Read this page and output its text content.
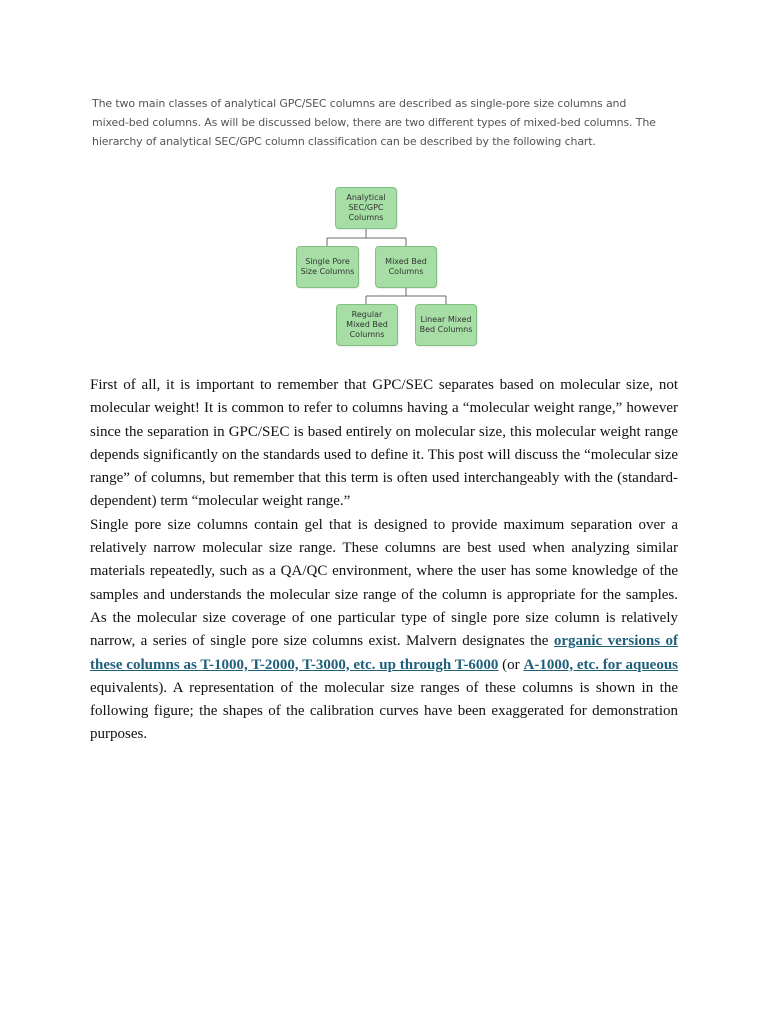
The two main classes of analytical GPC/SEC columns are described as single-pore size columns and
mixed-bed columns. As will be discussed below, there are two different types of mixed-bed columns. The
hierarchy of analytical SEC/GPC column classification can be described by the following chart.
Analytical
SEC/GPC
Columns
Single Pore
Size Columns
Mixed Bed
Columns
Regular
Mixed Bed
Columns
Linear Mixed
Bed Columns

First of all, it is important to remember that GPC/SEC separates based on molecular size, not molecular weight! It is common to refer to columns having a “molecular weight range,” however since the separation in GPC/SEC is based entirely on molecular size, this molecular weight range depends significantly on the standards used to define it. This post will discuss the “molecular size range” of columns, but remember that this term is often used interchangeably with the (standard-dependent) term “molecular weight range.”

Single pore size columns contain gel that is designed to provide maximum separation over a relatively narrow molecular size range. These columns are best used when analyzing similar materials repeatedly, such as a QA/QC environment, where the user has some knowledge of the samples and understands the molecular size range of the column is appropriate for the samples. As the molecular size coverage of one particular type of single pore size column is relatively narrow, a series of single pore size columns exist. Malvern designates the organic versions of these columns as T-1000, T-2000, T-3000, etc. up through T-6000 (or A-1000, etc. for aqueous equivalents). A representation of the molecular size ranges of these columns is shown in the following figure; the shapes of the calibration curves have been exaggerated for demonstration purposes.
